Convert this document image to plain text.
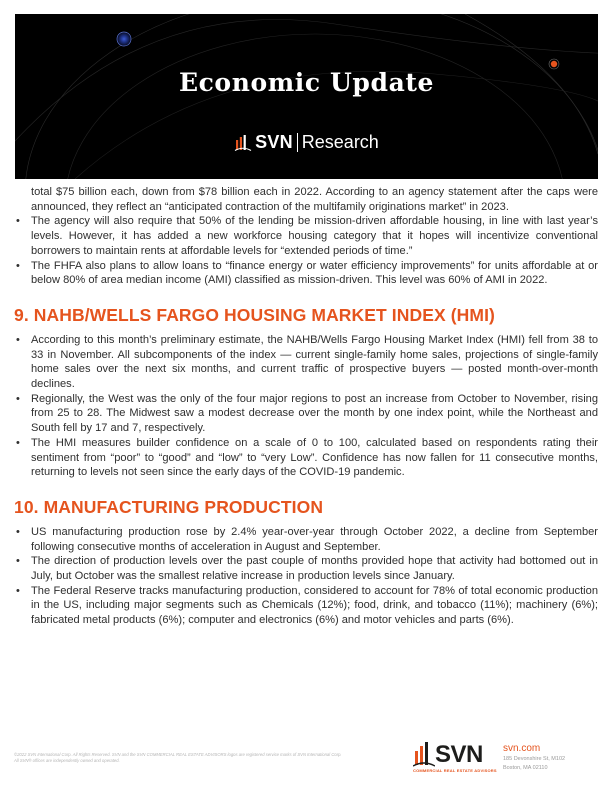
Economic Update
SVN Research

total $75 billion each, down from $78 billion each in 2022. According to an agency statement after the caps were announced, they reflect an “anticipated contraction of the multifamily originations market” in 2023.

• The agency will also require that 50% of the lending be mission-driven affordable housing, in line with last year’s levels. However, it has added a new workforce housing category that it hopes will incentivize conventional borrowers to maintain rents at affordable levels for “extended periods of time.”
• The FHFA also plans to allow loans to “finance energy or water efficiency improvements” for units affordable at or below 80% of area median income (AMI) classified as mission-driven. This level was 60% of AMI in 2022.
9. NAHB/WELLS FARGO HOUSING MARKET INDEX (HMI)
• According to this month’s preliminary estimate, the NAHB/Wells Fargo Housing Market Index (HMI) fell from 38 to 33 in November. All subcomponents of the index — current single-family home sales, projections of single-family home sales over the next six months, and current traffic of prospective buyers — posted month-over-month declines.
• Regionally, the West was the only of the four major regions to post an increase from October to November, rising from 25 to 28. The Midwest saw a modest decrease over the month by one index point, while the Northeast and South fell by 17 and 7, respectively.
• The HMI measures builder confidence on a scale of 0 to 100, calculated based on respondents rating their sentiment from “poor” to “good” and “low” to “very Low”. Confidence has now fallen for 11 consecutive months, returning to levels not seen since the early days of the COVID-19 pandemic.
10. MANUFACTURING PRODUCTION
• US manufacturing production rose by 2.4% year-over-year through October 2022, a decline from September following consecutive months of acceleration in August and September.
• The direction of production levels over the past couple of months provided hope that activity had bottomed out in July, but October was the smallest relative increase in production levels since January.
• The Federal Reserve tracks manufacturing production, considered to account for 78% of total economic production in the US, including major segments such as Chemicals (12%); food, drink, and tobacco (11%); machinery (6%); fabricated metal products (6%); computer and electronics (6%) and motor vehicles and parts (6%).
©2022 SVN International Corp. All Rights Reserved. SVN and the SVN COMMERCIAL REAL ESTATE ADVISORS logos are registered service marks of SVN International Corp. All SVN® offices are independently owned and operated.	SVN
COMMERCIAL REAL ESTATE ADVISORS
svn.com
185 Devonshire St, M102
Boston, MA 02110
